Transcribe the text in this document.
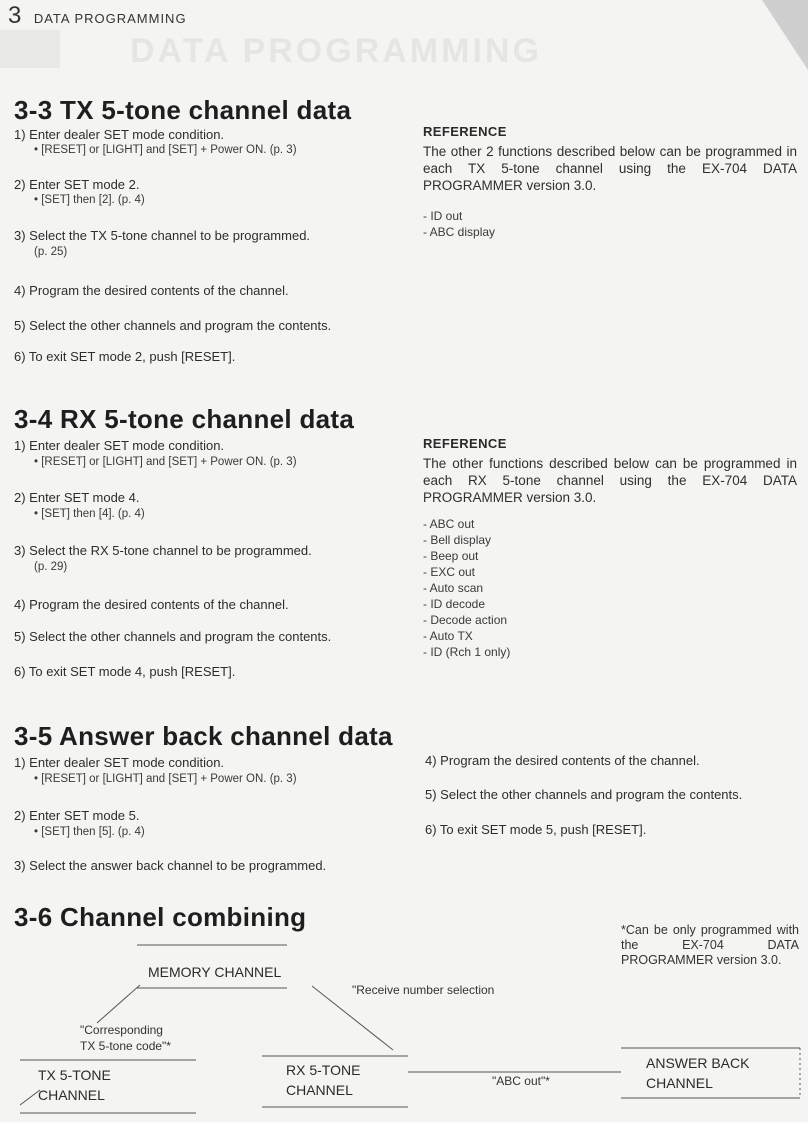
DATA PROGRAMMING
3 DATA PROGRAMMING
3-3 TX 5-tone channel data
1) Enter dealer SET mode condition.
• [RESET] or [LIGHT] and [SET] + Power ON. (p. 3)
2) Enter SET mode 2.
• [SET] then [2]. (p. 4)
3) Select the TX 5-tone channel to be programmed.
(p. 25)
4) Program the desired contents of the channel.
5) Select the other channels and program the contents.
6) To exit SET mode 2, push [RESET].
REFERENCE
The other 2 functions described below can be programmed in each TX 5-tone channel using the EX-704 DATA PROGRAMMER version 3.0.
- ID out
- ABC display
3-4 RX 5-tone channel data
1) Enter dealer SET mode condition.
• [RESET] or [LIGHT] and [SET] + Power ON. (p. 3)
2) Enter SET mode 4.
• [SET] then [4]. (p. 4)
3) Select the RX 5-tone channel to be programmed.
(p. 29)
4) Program the desired contents of the channel.
5) Select the other channels and program the contents.
6) To exit SET mode 4, push [RESET].
REFERENCE
The other functions described below can be programmed in each RX 5-tone channel using the EX-704 DATA PROGRAMMER version 3.0.
- ABC out
- Bell display
- Beep out
- EXC out
- Auto scan
- ID decode
- Decode action
- Auto TX
- ID (Rch 1 only)
3-5 Answer back channel data
1) Enter dealer SET mode condition.
• [RESET] or [LIGHT] and [SET] + Power ON. (p. 3)
2) Enter SET mode 5.
• [SET] then [5]. (p. 4)
3) Select the answer back channel to be programmed.
4) Program the desired contents of the channel.
5) Select the other channels and program the contents.
6) To exit SET mode 5, push [RESET].
3-6 Channel combining
MEMORY CHANNEL
"Receive number selection
"Corresponding
TX 5-tone code"*
TX 5-TONE
CHANNEL
RX 5-TONE
CHANNEL
"ABC out"*
ANSWER BACK
CHANNEL
*Can be only programmed with the EX-704 DATA PROGRAMMER version 3.0.
